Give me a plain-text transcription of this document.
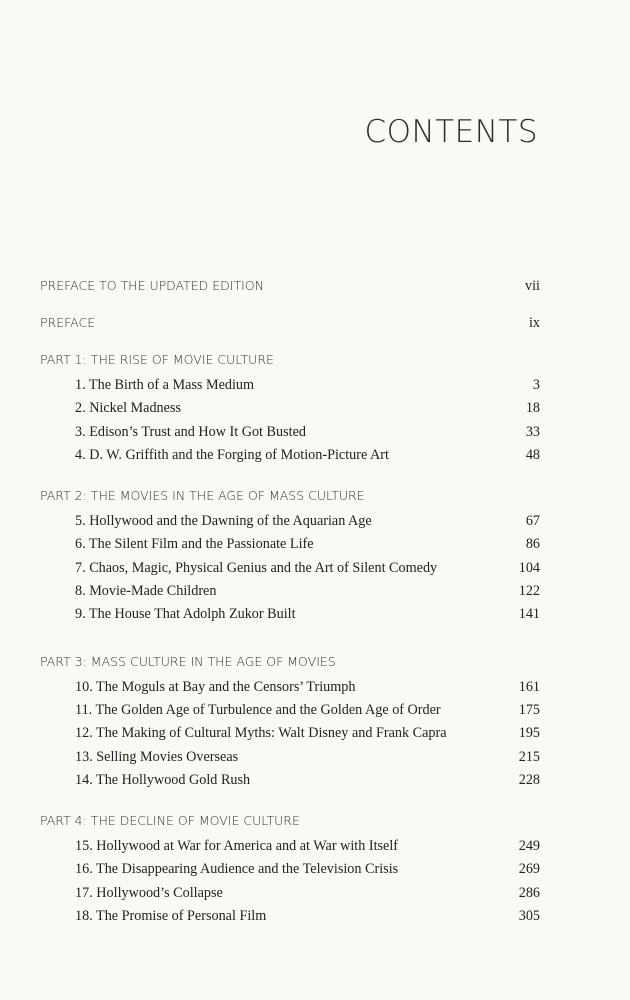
CONTENTS
PREFACE TO THE UPDATED EDITION	vii
PREFACE	ix
PART 1: THE RISE OF MOVIE CULTURE
1. The Birth of a Mass Medium	3
2. Nickel Madness	18
3. Edison’s Trust and How It Got Busted	33
4. D. W. Griffith and the Forging of Motion-Picture Art	48
PART 2: THE MOVIES IN THE AGE OF MASS CULTURE
5. Hollywood and the Dawning of the Aquarian Age	67
6. The Silent Film and the Passionate Life	86
7. Chaos, Magic, Physical Genius and the Art of Silent Comedy	104
8. Movie-Made Children	122
9. The House That Adolph Zukor Built	141
PART 3: MASS CULTURE IN THE AGE OF MOVIES
10. The Moguls at Bay and the Censors’ Triumph	161
11. The Golden Age of Turbulence and the Golden Age of Order	175
12. The Making of Cultural Myths: Walt Disney and Frank Capra	195
13. Selling Movies Overseas	215
14. The Hollywood Gold Rush	228
PART 4: THE DECLINE OF MOVIE CULTURE
15. Hollywood at War for America and at War with Itself	249
16. The Disappearing Audience and the Television Crisis	269
17. Hollywood’s Collapse	286
18. The Promise of Personal Film	305
